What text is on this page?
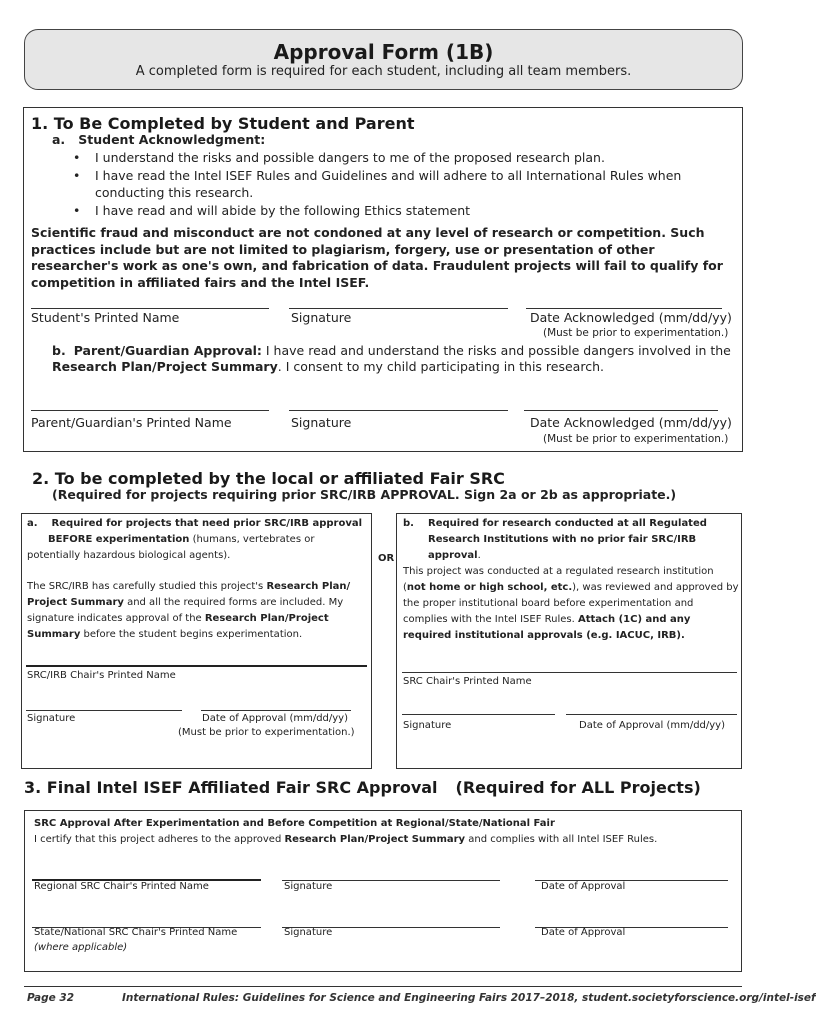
Approval Form (1B)
A completed form is required for each student, including all team members.
1. To Be Completed by Student and Parent
a. Student Acknowledgment:
• I understand the risks and possible dangers to me of the proposed research plan.
• I have read the Intel ISEF Rules and Guidelines and will adhere to all International Rules when conducting this research.
• I have read and will abide by the following Ethics statement
Scientific fraud and misconduct are not condoned at any level of research or competition. Such practices include but are not limited to plagiarism, forgery, use or presentation of other researcher's work as one's own, and fabrication of data. Fraudulent projects will fail to qualify for competition in affiliated fairs and the Intel ISEF.
Student's Printed Name	Signature	Date Acknowledged (mm/dd/yy)
(Must be prior to experimentation.)
b. Parent/Guardian Approval: I have read and understand the risks and possible dangers involved in the Research Plan/Project Summary. I consent to my child participating in this research.
Parent/Guardian's Printed Name	Signature	Date Acknowledged (mm/dd/yy)
(Must be prior to experimentation.)
2. To be completed by the local or affiliated Fair SRC
(Required for projects requiring prior SRC/IRB APPROVAL. Sign 2a or 2b as appropriate.)
a. Required for projects that need prior SRC/IRB approval
BEFORE experimentation (humans, vertebrates or potentially hazardous biological agents).
The SRC/IRB has carefully studied this project's Research Plan/ Project Summary and all the required forms are included. My signature indicates approval of the Research Plan/Project Summary before the student begins experimentation.
SRC/IRB Chair's Printed Name
Signature	Date of Approval (mm/dd/yy)
(Must be prior to experimentation.)
OR
b.	Required for research conducted at all Regulated Research Institutions with no prior fair SRC/IRB approval.
This project was conducted at a regulated research institution (not home or high school, etc.), was reviewed and approved by the proper institutional board before experimentation and complies with the Intel ISEF Rules. Attach (1C) and any required institutional approvals (e.g. IACUC, IRB).
SRC Chair's Printed Name
Signature	Date of Approval (mm/dd/yy)
3. Final Intel ISEF Affiliated Fair SRC Approval (Required for ALL Projects)
SRC Approval After Experimentation and Before Competition at Regional/State/National Fair
I certify that this project adheres to the approved Research Plan/Project Summary and complies with all Intel ISEF Rules.
Regional SRC Chair's Printed Name	Signature	Date of Approval
State/National SRC Chair's Printed Name
(where applicable)
Signature	Date of Approval
Page 32	International Rules: Guidelines for Science and Engineering Fairs 2017–2018, student.societyforscience.org/intel-isef
